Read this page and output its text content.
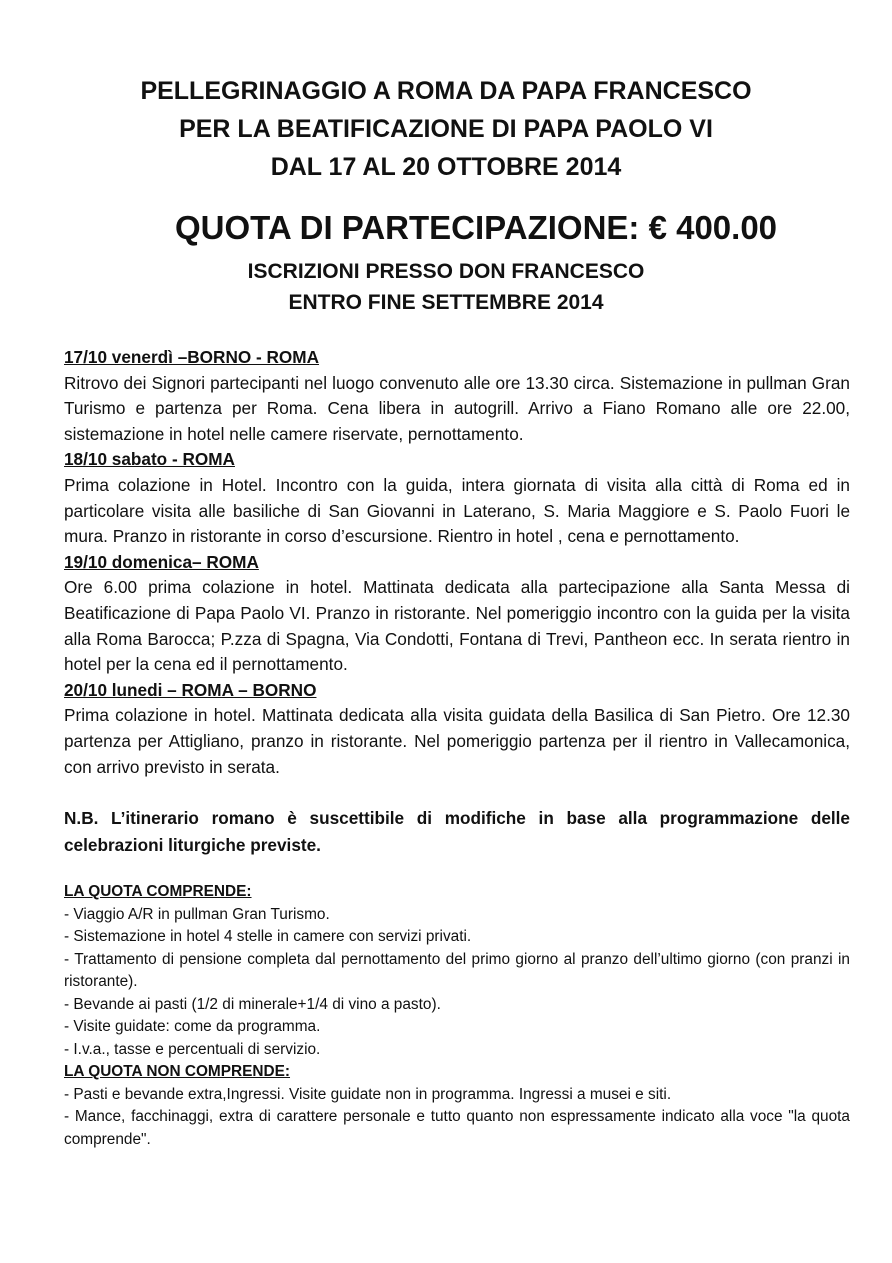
PELLEGRINAGGIO A ROMA DA PAPA FRANCESCO
PER LA BEATIFICAZIONE DI PAPA PAOLO VI
DAL 17 AL 20 OTTOBRE 2014
QUOTA DI PARTECIPAZIONE: € 400.00
ISCRIZIONI PRESSO DON FRANCESCO
ENTRO FINE SETTEMBRE 2014
17/10 venerdì –BORNO - ROMA
Ritrovo dei Signori partecipanti nel luogo convenuto alle ore 13.30 circa. Sistemazione in pullman Gran Turismo e partenza per Roma. Cena libera in autogrill. Arrivo a Fiano Romano alle ore 22.00, sistemazione in hotel nelle camere riservate, pernottamento.
18/10 sabato - ROMA
Prima colazione in Hotel. Incontro con la guida, intera giornata di visita alla città di Roma ed in particolare visita alle basiliche di San Giovanni in Laterano, S. Maria Maggiore e S. Paolo Fuori le mura. Pranzo in ristorante in corso d’escursione. Rientro in hotel , cena e pernottamento.
19/10 domenica– ROMA
Ore 6.00 prima colazione in hotel. Mattinata dedicata alla partecipazione alla Santa Messa di Beatificazione di Papa Paolo VI. Pranzo in ristorante. Nel pomeriggio incontro con la guida per la visita alla Roma Barocca; P.zza di Spagna, Via Condotti, Fontana di Trevi, Pantheon ecc. In serata rientro in hotel per la cena ed il pernottamento.
20/10 lunedi – ROMA – BORNO
Prima colazione in hotel. Mattinata dedicata alla visita guidata della Basilica di San Pietro. Ore 12.30 partenza per Attigliano, pranzo in ristorante. Nel pomeriggio partenza per il rientro in Vallecamonica, con arrivo previsto in serata.
N.B. L’itinerario romano è suscettibile di modifiche in base alla programmazione delle celebrazioni liturgiche previste.
LA QUOTA COMPRENDE:
- Viaggio A/R in pullman Gran Turismo.
- Sistemazione in hotel 4 stelle in camere con servizi privati.
- Trattamento di pensione completa dal pernottamento del primo giorno al pranzo dell’ultimo giorno (con pranzi in ristorante).
- Bevande ai pasti (1/2 di minerale+1/4 di vino a pasto).
- Visite guidate: come da programma.
- I.v.a., tasse e percentuali di servizio.
LA QUOTA NON COMPRENDE:
- Pasti e bevande extra,Ingressi. Visite guidate non in programma. Ingressi a musei e siti.
- Mance, facchinaggi, extra di carattere personale e tutto quanto non espressamente indicato alla voce "la quota comprende".
